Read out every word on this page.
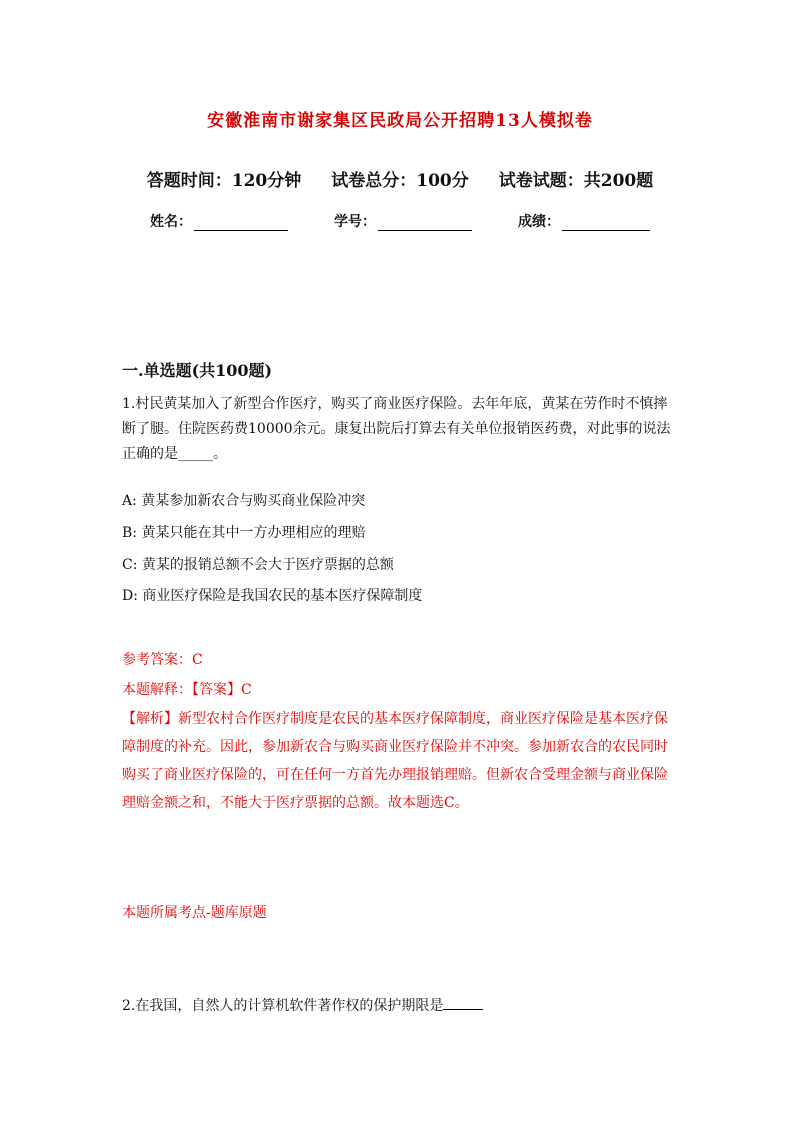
安徽淮南市谢家集区民政局公开招聘13人模拟卷
答题时间：120分钟 试卷总分：100分 试卷试题：共200题
姓名：	学号：	成绩：
一.单选题(共100题)
1.村民黄某加入了新型合作医疗，购买了商业医疗保险。去年年底，黄某在劳作时不慎摔断了腿。住院医药费10000余元。康复出院后打算去有关单位报销医药费，对此事的说法正确的是_____。
A: 黄某参加新农合与购买商业保险冲突
B: 黄某只能在其中一方办理相应的理赔
C: 黄某的报销总额不会大于医疗票据的总额
D: 商业医疗保险是我国农民的基本医疗保障制度
参考答案：C
本题解释：【答案】C
【解析】新型农村合作医疗制度是农民的基本医疗保障制度，商业医疗保险是基本医疗保障制度的补充。因此，参加新农合与购买商业医疗保险并不冲突。参加新农合的农民同时购买了商业医疗保险的，可在任何一方首先办理报销理赔。但新农合受理金额与商业保险理赔金额之和，不能大于医疗票据的总额。故本题选C。
本题所属考点-题库原题
2.在我国，自然人的计算机软件著作权的保护期限是
